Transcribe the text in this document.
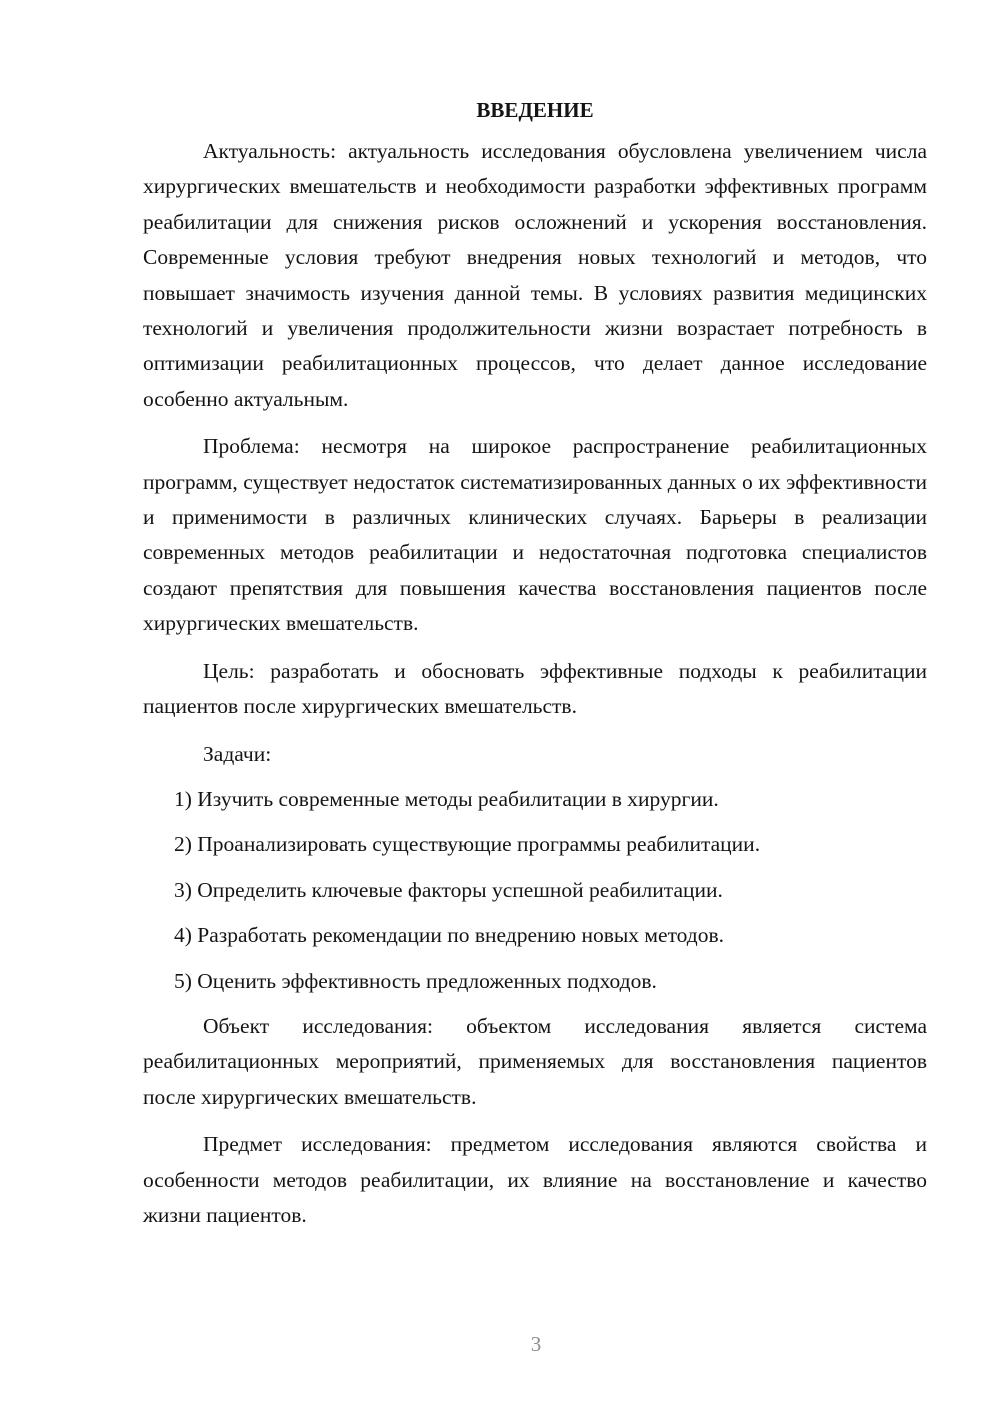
ВВЕДЕНИЕ

Актуальность: актуальность исследования обусловлена увеличением числа хирургических вмешательств и необходимости разработки эффективных программ реабилитации для снижения рисков осложнений и ускорения восстановления. Современные условия требуют внедрения новых технологий и методов, что повышает значимость изучения данной темы. В условиях развития медицинских технологий и увеличения продолжительности жизни возрастает потребность в оптимизации реабилитационных процессов, что делает данное исследование особенно актуальным.

Проблема: несмотря на широкое распространение реабилитационных программ, существует недостаток систематизированных данных о их эффективности и применимости в различных клинических случаях. Барьеры в реализации современных методов реабилитации и недостаточная подготовка специалистов создают препятствия для повышения качества восстановления пациентов после хирургических вмешательств.

Цель: разработать и обосновать эффективные подходы к реабилитации пациентов после хирургических вмешательств.

Задачи:

1) Изучить современные методы реабилитации в хирургии.

2) Проанализировать существующие программы реабилитации.

3) Определить ключевые факторы успешной реабилитации.

4) Разработать рекомендации по внедрению новых методов.

5) Оценить эффективность предложенных подходов.

Объект исследования: объектом исследования является система реабилитационных мероприятий, применяемых для восстановления пациентов после хирургических вмешательств.

Предмет исследования: предметом исследования являются свойства и особенности методов реабилитации, их влияние на восстановление и качество жизни пациентов.

3
